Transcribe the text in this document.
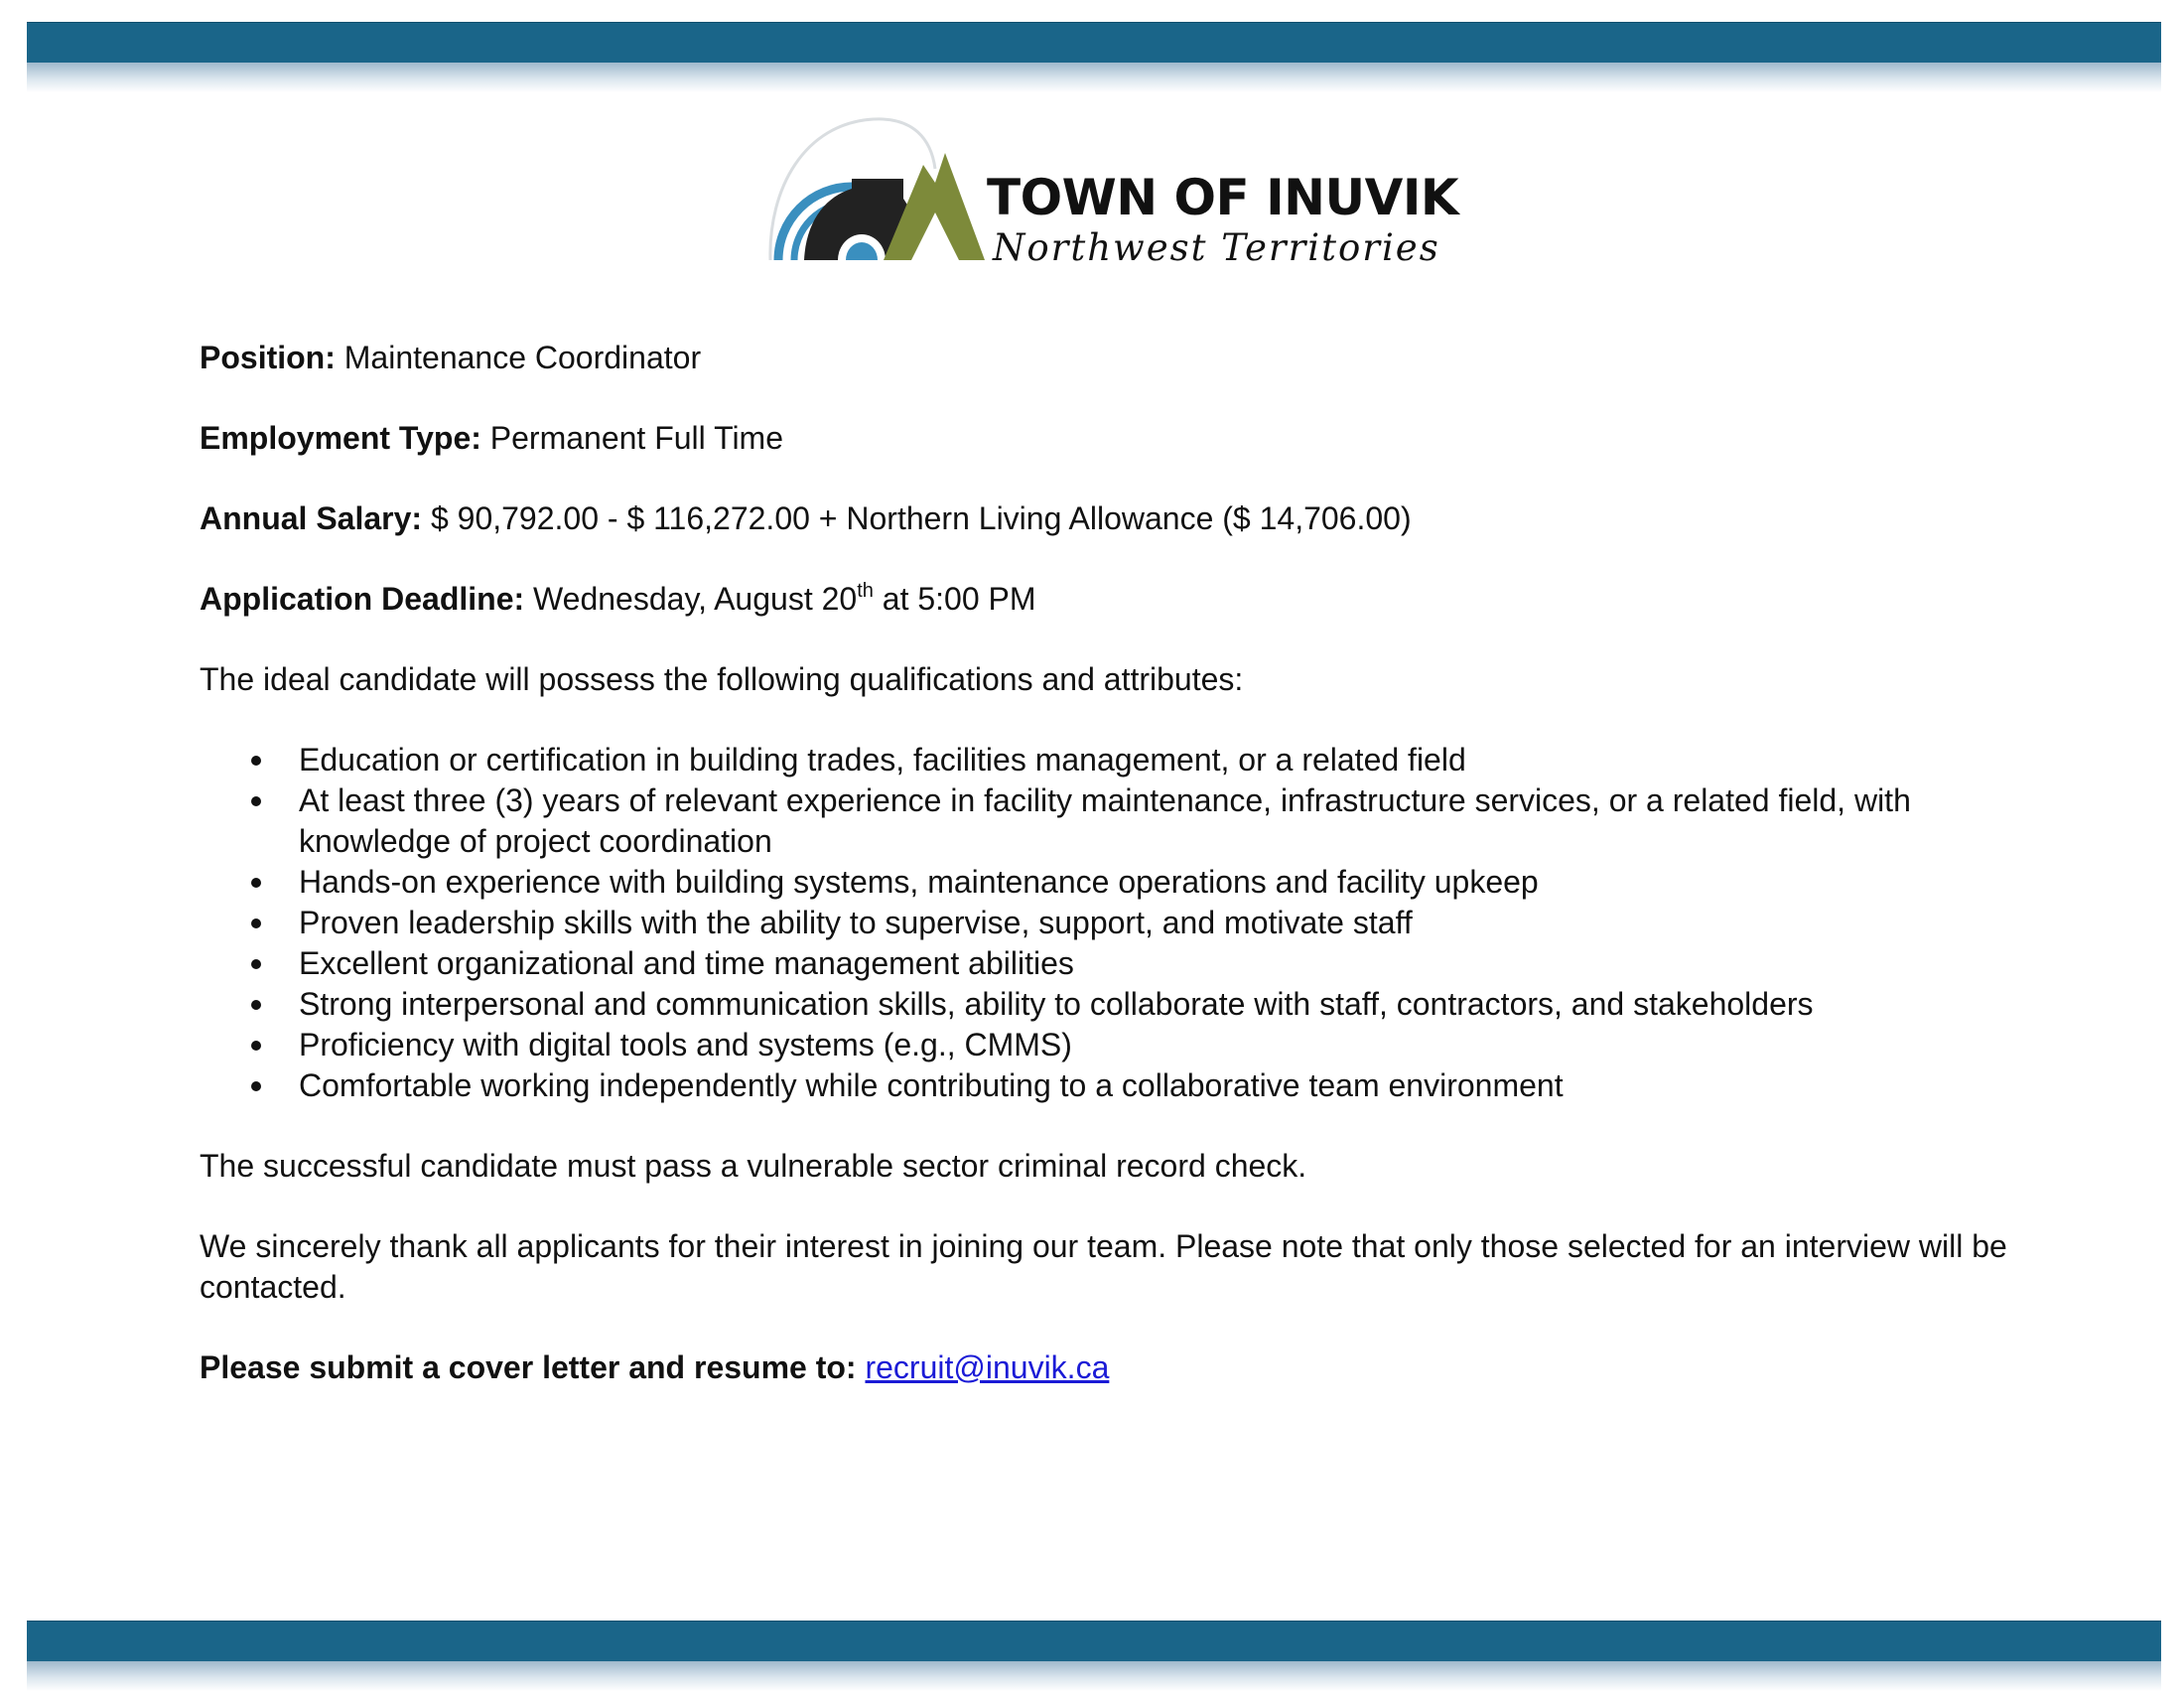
TOWN OF INUVIK
Northwest Territories

Position: Maintenance Coordinator

Employment Type: Permanent Full Time

Annual Salary: $ 90,792.00 - $ 116,272.00 + Northern Living Allowance ($ 14,706.00)

Application Deadline: Wednesday, August 20th at 5:00 PM

The ideal candidate will possess the following qualifications and attributes:

Education or certification in building trades, facilities management, or a related field
At least three (3) years of relevant experience in facility maintenance, infrastructure services, or a related field, with knowledge of project coordination
Hands-on experience with building systems, maintenance operations and facility upkeep
Proven leadership skills with the ability to supervise, support, and motivate staff
Excellent organizational and time management abilities
Strong interpersonal and communication skills, ability to collaborate with staff, contractors, and stakeholders
Proficiency with digital tools and systems (e.g., CMMS)
Comfortable working independently while contributing to a collaborative team environment

The successful candidate must pass a vulnerable sector criminal record check.

We sincerely thank all applicants for their interest in joining our team. Please note that only those selected for an interview will be contacted.

Please submit a cover letter and resume to: recruit@inuvik.ca
